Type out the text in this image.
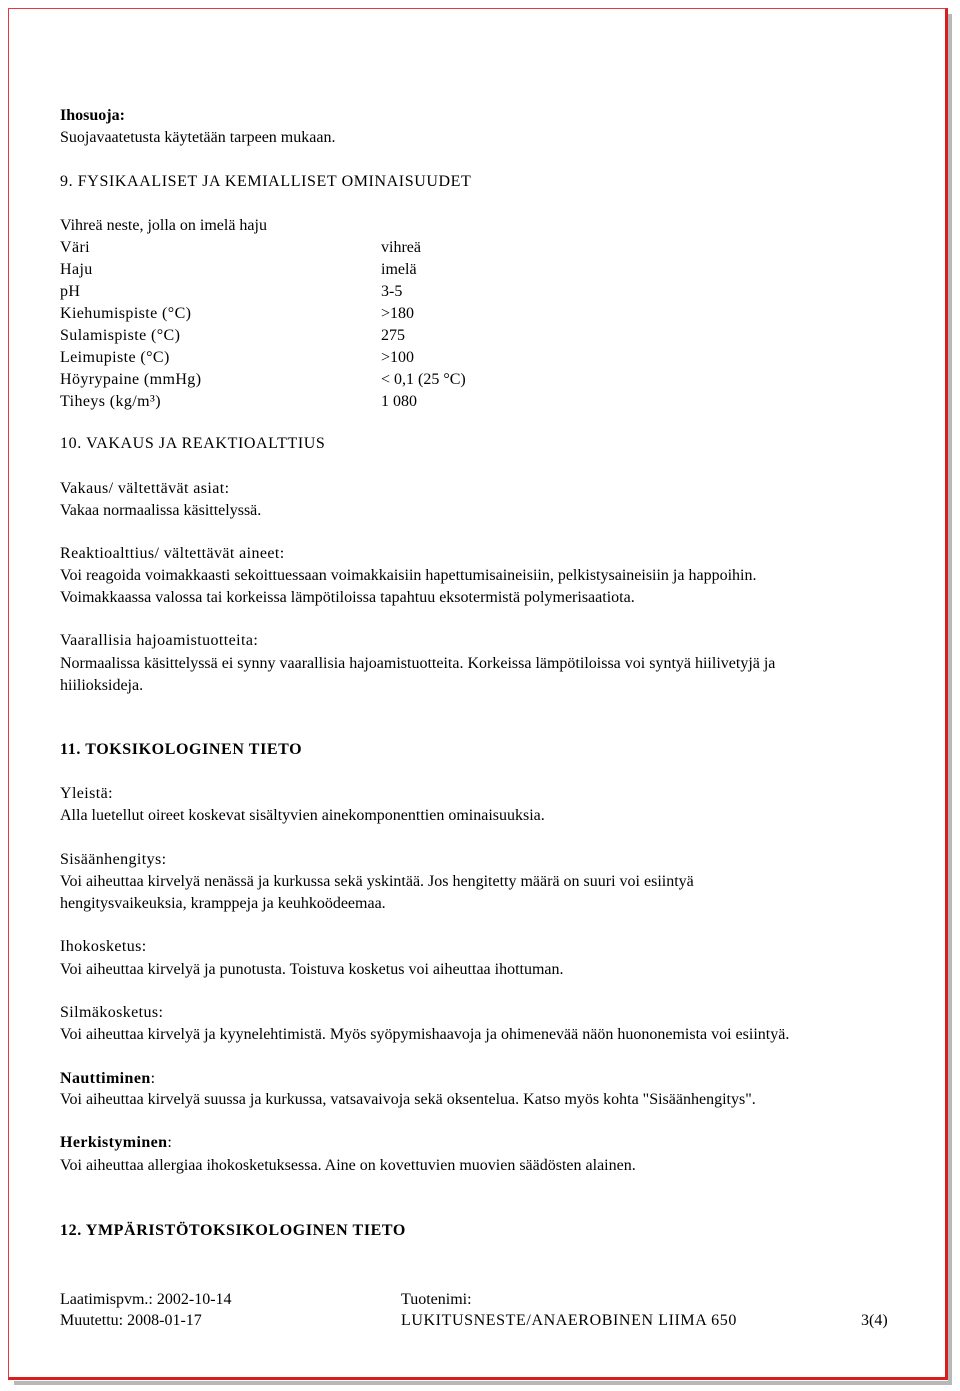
Ihosuoja:
Suojavaatetusta käytetään tarpeen mukaan.
9. FYSIKAALISET JA KEMIALLISET OMINAISUUDET
Vihreä neste, jolla on imelä haju
Väri	vihreä
Haju	imelä
pH	3-5
Kiehumispiste (°C)	>180
Sulamispiste (°C)	275
Leimupiste (°C)	>100
Höyrypaine (mmHg)	< 0,1 (25 °C)
Tiheys (kg/m³)	1 080
10. VAKAUS JA REAKTIOALTTIUS
Vakaus/ vältettävät asiat:
Vakaa normaalissa käsittelyssä.
Reaktioalttius/ vältettävät aineet:
Voi reagoida voimakkaasti sekoittuessaan voimakkaisiin hapettumisaineisiin, pelkistysaineisiin ja happoihin.
Voimakkaassa valossa tai korkeissa lämpötiloissa tapahtuu eksotermistä polymerisaatiota.
Vaarallisia hajoamistuotteita:
Normaalissa käsittelyssä ei synny vaarallisia hajoamistuotteita. Korkeissa lämpötiloissa voi syntyä hiilivetyjä ja
hiilioksideja.
11. TOKSIKOLOGINEN TIETO
Yleistä:
Alla luetellut oireet koskevat sisältyvien ainekomponenttien ominaisuuksia.
Sisäänhengitys:
Voi aiheuttaa kirvelyä nenässä ja kurkussa sekä yskintää. Jos hengitetty määrä on suuri voi esiintyä
hengitysvaikeuksia, kramppeja ja keuhkoödeemaa.
Ihokosketus:
Voi aiheuttaa kirvelyä ja punotusta. Toistuva kosketus voi aiheuttaa ihottuman.
Silmäkosketus:
Voi aiheuttaa kirvelyä ja kyynelehtimistä. Myös syöpymishaavoja ja ohimenevää näön huononemista voi esiintyä.
Nauttiminen:
Voi aiheuttaa kirvelyä suussa ja kurkussa, vatsavaivoja sekä oksentelua. Katso myös kohta "Sisäänhengitys".
Herkistyminen:
Voi aiheuttaa allergiaa ihokosketuksessa. Aine on kovettuvien muovien säädösten alainen.
12. YMPÄRISTÖTOKSIKOLOGINEN TIETO
Laatimispvm.: 2002-10-14
Muutettu: 2008-01-17
Tuotenimi:
LUKITUSNESTE/ANAEROBINEN LIIMA 650	3(4)
